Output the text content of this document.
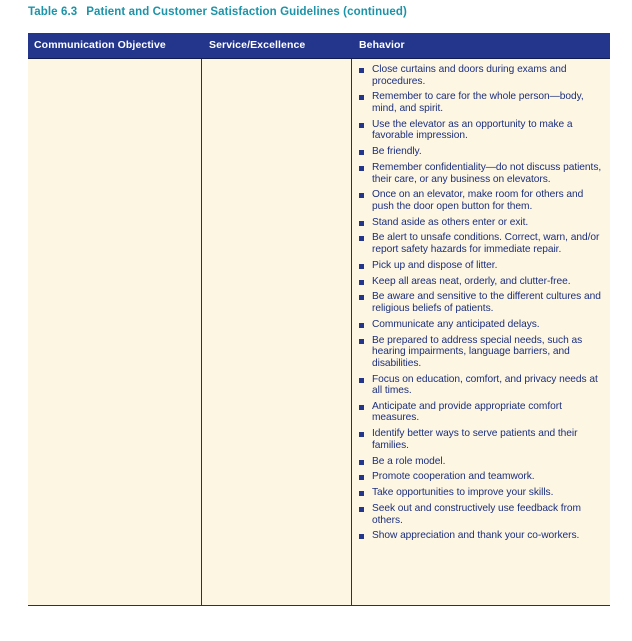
Table 6.3 Patient and Customer Satisfaction Guidelines (continued)
Communication Objective	Service/Excellence	Behavior
Close curtains and doors during exams and procedures.
Remember to care for the whole person—body, mind, and spirit.
Use the elevator as an opportunity to make a favorable impression.
Be friendly.
Remember confidentiality—do not discuss patients, their care, or any business on elevators.
Once on an elevator, make room for others and push the door open button for them.
Stand aside as others enter or exit.
Be alert to unsafe conditions. Correct, warn, and/or report safety hazards for immediate repair.
Pick up and dispose of litter.
Keep all areas neat, orderly, and clutter-free.
Be aware and sensitive to the different cultures and religious beliefs of patients.
Communicate any anticipated delays.
Be prepared to address special needs, such as hearing impairments, language barriers, and disabilities.
Focus on education, comfort, and privacy needs at all times.
Anticipate and provide appropriate comfort measures.
Identify better ways to serve patients and their families.
Be a role model.
Promote cooperation and teamwork.
Take opportunities to improve your skills.
Seek out and constructively use feedback from others.
Show appreciation and thank your co-workers.
